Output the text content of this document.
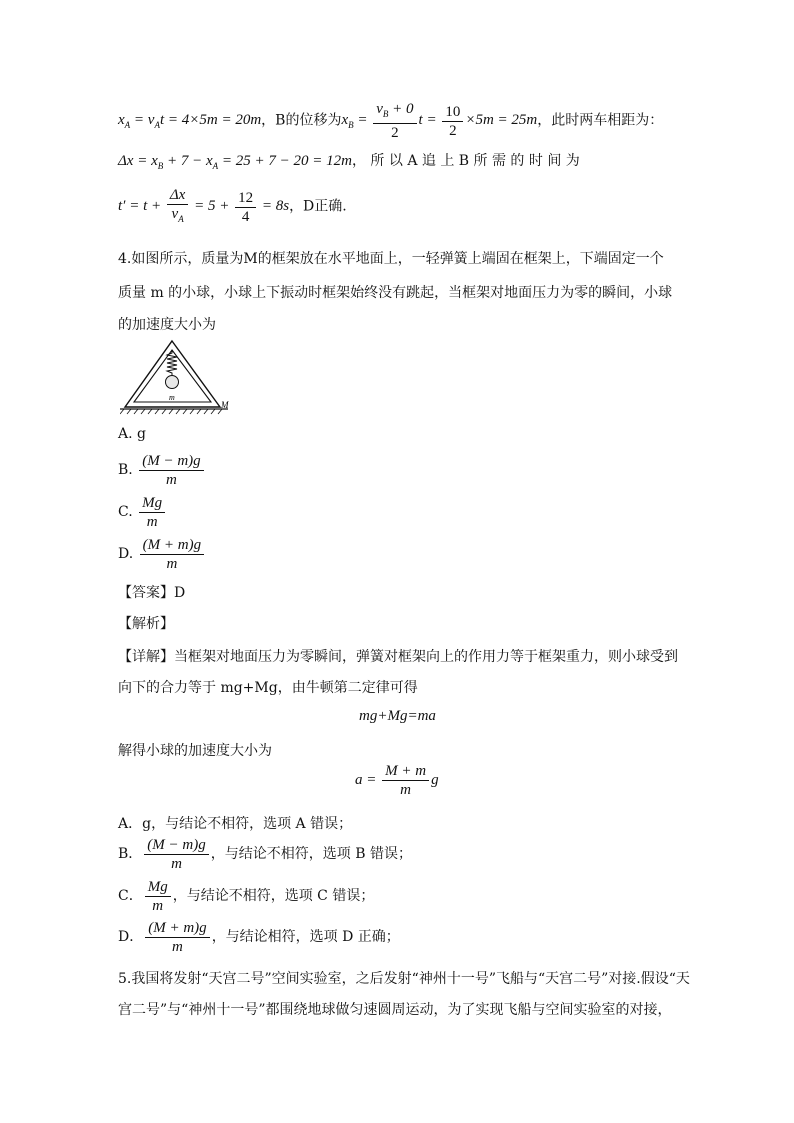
$x_A = v_At = 4\times 5m = 20m$，B的位移为$x_B = \frac{v_B + 0}{2}$ $t = \frac{10}{2} \times 5m = 25m$，此时两车相距为：
$\Delta x = x_B + 7 - x_A = 25 + 7 - 20 = 12m$， 所 以 A 追 上 B 所 需 的 时 间 为
$t' = t + \frac{\Delta x}{v_A} = 5 + \frac{12}{4} = 8s$，D正确.
4.如图所示，质量为M的框架放在水平地面上，一轻弹簧上端固在框架上，下端固定一个
质量 m 的小球，小球上下振动时框架始终没有跳起，当框架对地面压力为零的瞬间，小球
的加速度大小为
m
M
A. g
B. $\frac{(M - m)g}{m}$
C. $\frac{Mg}{m}$
D. $\frac{(M + m)g}{m}$
【答案】D
【解析】
【详解】当框架对地面压力为零瞬间，弹簧对框架向上的作用力等于框架重力，则小球受到
向下的合力等于 mg+Mg，由牛顿第二定律可得
mg+Mg=ma
解得小球的加速度大小为
$a = \frac{M + m}{m}$ g
A．g，与结论不相符，选项 A 错误；
B． $\frac{(M - m)g}{m}$ ，与结论不相符，选项 B 错误；
C． $\frac{Mg}{m}$ ，与结论不相符，选项 C 错误；
D． $\frac{(M + m)g}{m}$ ，与结论相符，选项 D 正确；
5.我国将发射“天宫二号”空间实验室，之后发射“神州十一号”飞船与“天宫二号”对接.假设“天
宫二号”与“神州十一号”都围绕地球做匀速圆周运动，为了实现飞船与空间实验室的对接，
